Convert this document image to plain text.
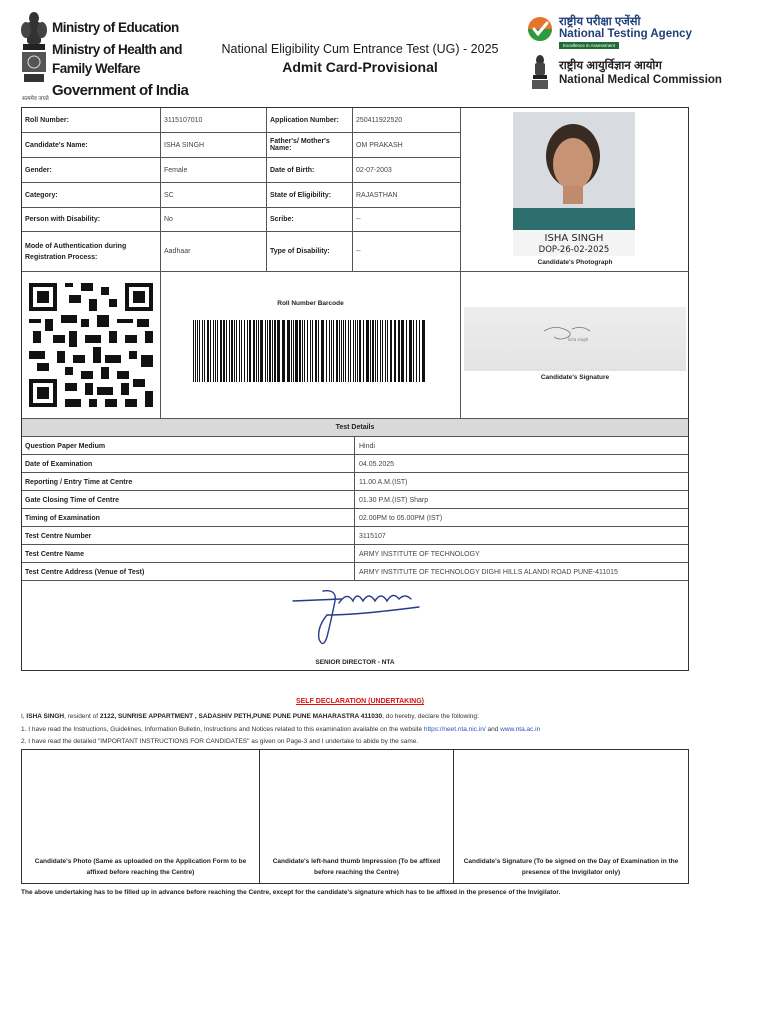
Ministry of Education
Ministry of Health and Family Welfare
Government of India
सत्यमेव जयते
National Eligibility Cum Entrance Test (UG) - 2025
Admit Card-Provisional
राष्ट्रीय परीक्षा एजेंसी
National Testing Agency
Excellence in Assessment
राष्ट्रीय आयुर्विज्ञान आयोग
National Medical Commission
Roll Number:	3115107010	Application Number:	250411922520
Candidate's Name:	ISHA SINGH	Father's/ Mother's Name:	OM PRAKASH
Gender:	Female	Date of Birth:	02-07-2003
Category:	SC	State of Eligibility:	RAJASTHAN
Person with Disability:	No	Scribe:	--
Mode of Authentication during
Registration Process:
Aadhaar	Type of Disability:	--
ISHA SINGH
DOP-26-02-2025
Candidate's Photograph
Roll Number Barcode
Isha singh
Candidate's Signature
Test Details
Question Paper Medium	Hindi
Date of Examination	04.05.2025
Reporting / Entry Time at Centre	11.00 A.M.(IST)
Gate Closing Time of Centre	01.30 P.M.(IST) Sharp
Timing of Examination	02.00PM to 05.00PM (IST)
Test Centre Number	3115107
Test Centre Name	ARMY INSTITUTE OF TECHNOLOGY
Test Centre Address (Venue of Test)	ARMY INSTITUTE OF TECHNOLOGY DIGHI HILLS ALANDI ROAD PUNE-411015
SENIOR DIRECTOR - NTA
SELF DECLARATION (UNDERTAKING)
I, ISHA SINGH, resident of 2122, SUNRISE APPARTMENT , SADASHIV PETH,PUNE PUNE PUNE MAHARASTRA 411030, do hereby, declare the following:
1. I have read the Instructions, Guidelines, Information Bulletin, Instructions and Notices related to this examination available on the website https://neet.nta.nic.in/ and www.nta.ac.in
2. I have read the detailed "IMPORTANT INSTRUCTIONS FOR CANDIDATES" as given on Page-3 and I undertake to abide by the same.
Candidate's Photo (Same as uploaded on the Application Form to be affixed before reaching the Centre)
Candidate's left-hand thumb Impression (To be affixed before reaching the Centre)
Candidate's Signature (To be signed on the Day of Examination in the presence of the Invigilator only)
The above undertaking has to be filled up in advance before reaching the Centre, except for the candidate's signature which has to be affixed in the presence of the Invigilator.
